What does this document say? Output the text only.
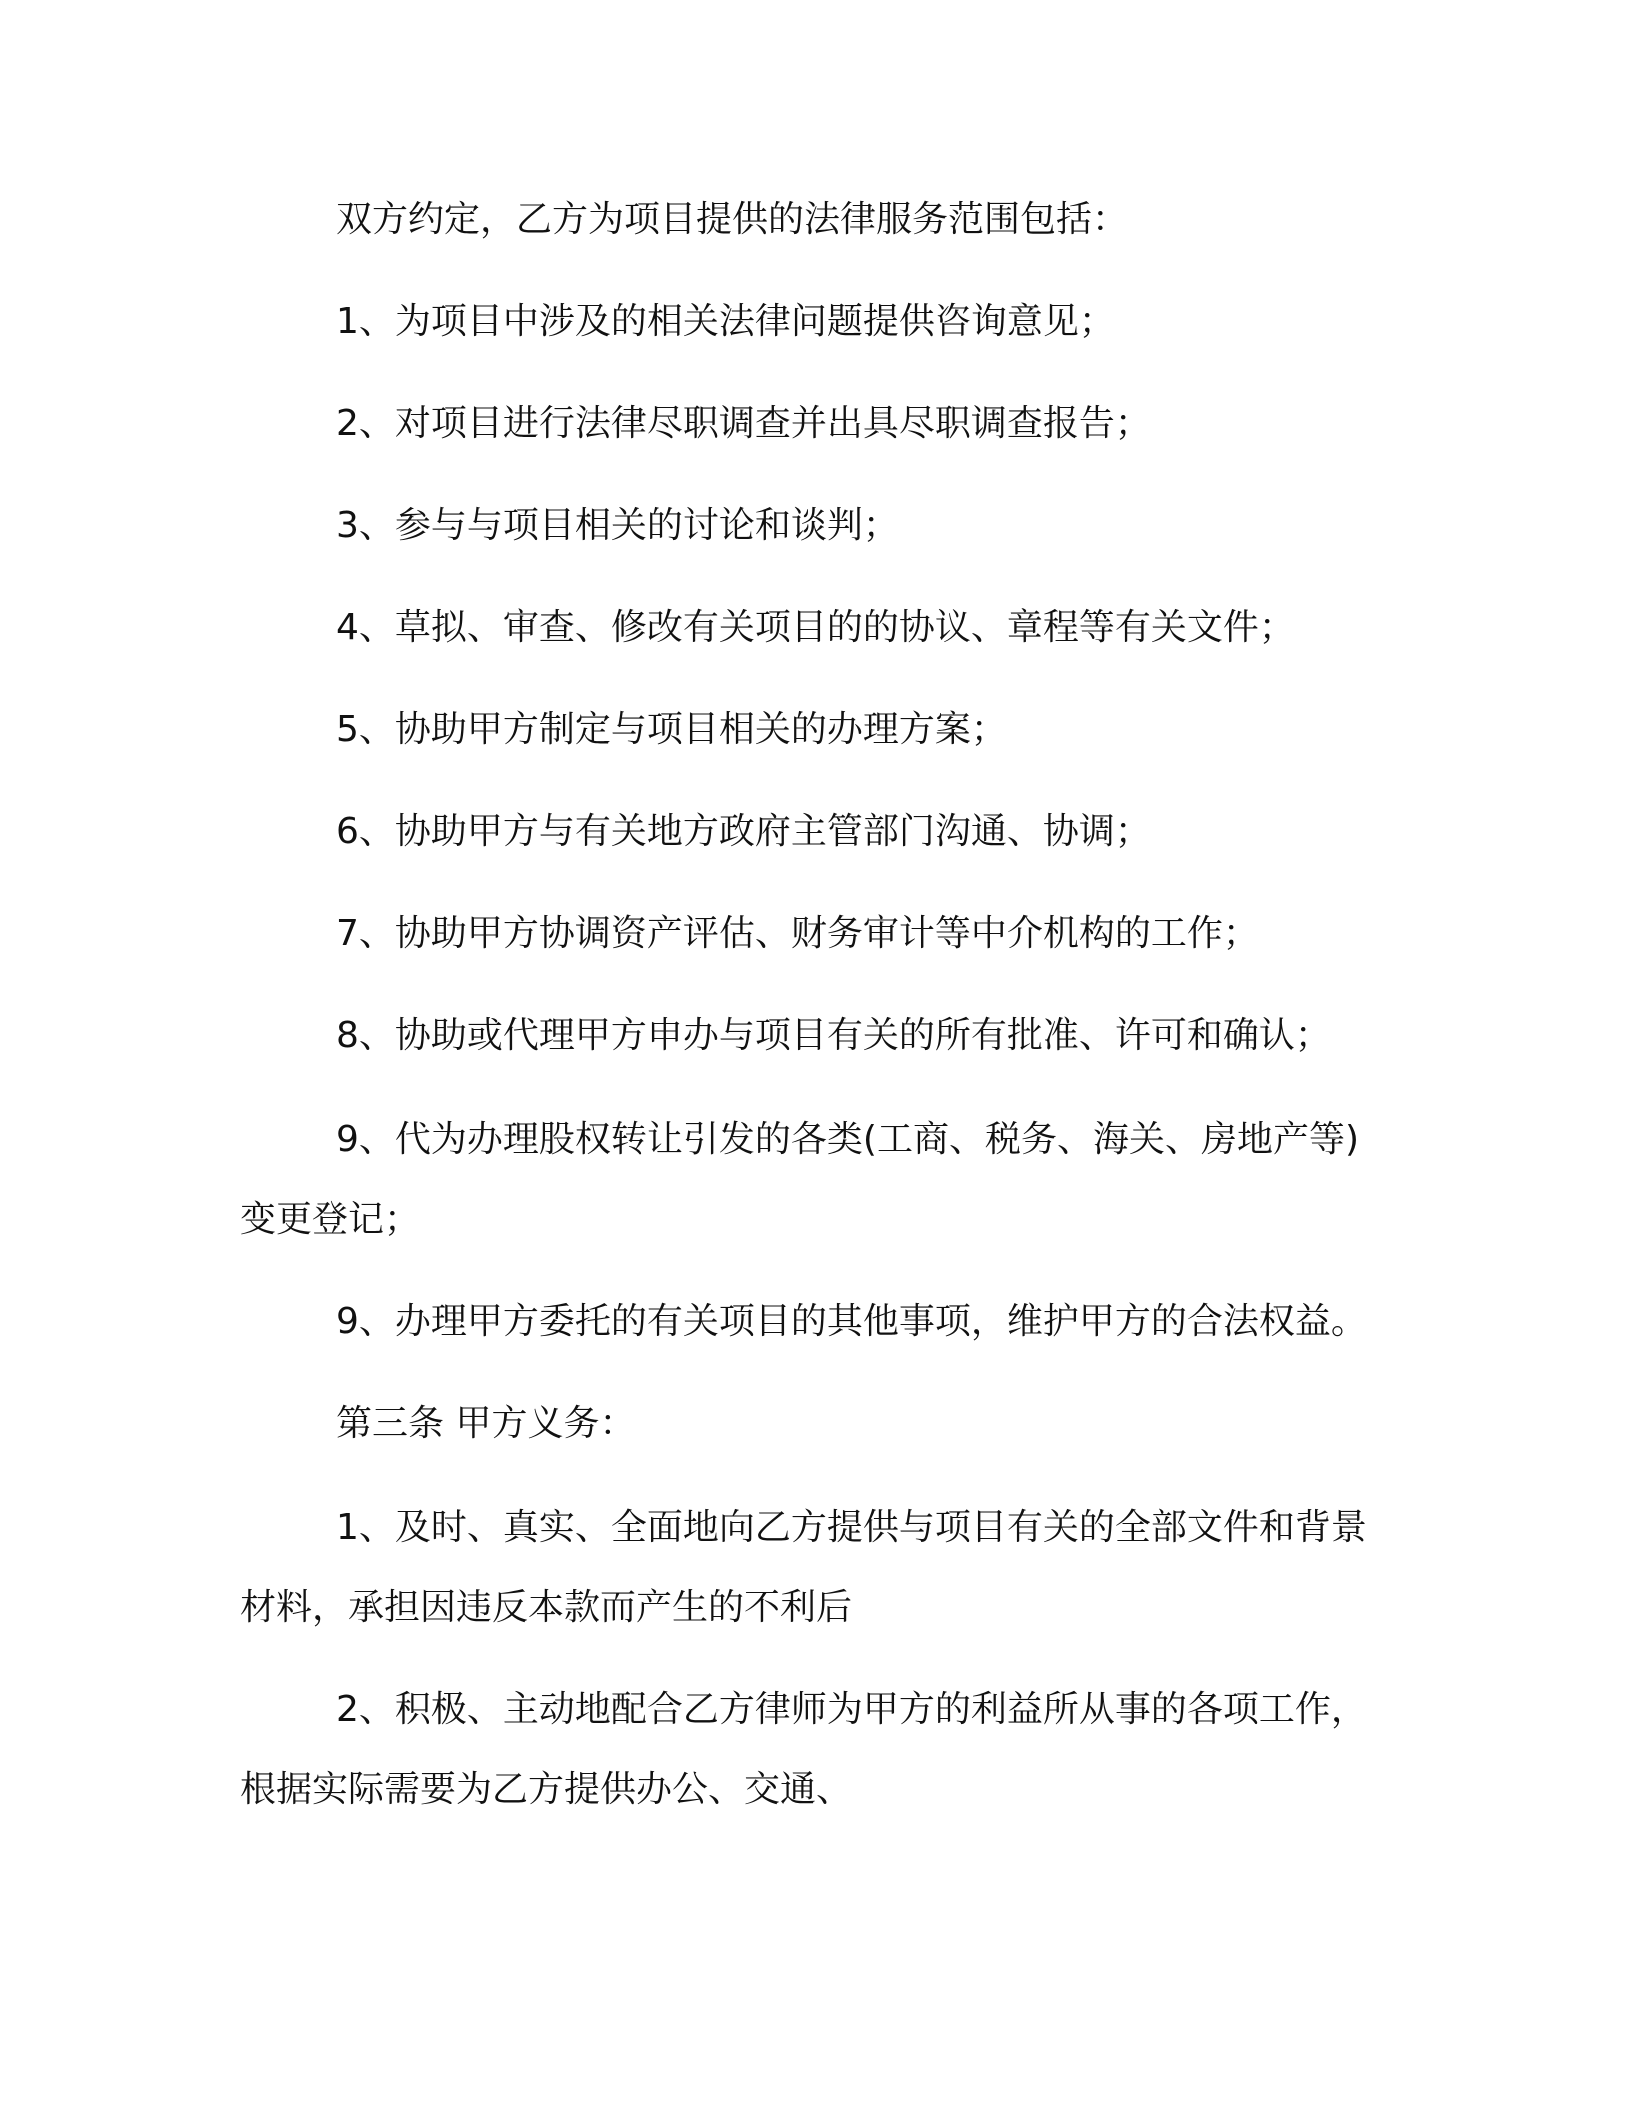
双方约定，乙方为项目提供的法律服务范围包括：

1、为项目中涉及的相关法律问题提供咨询意见；

2、对项目进行法律尽职调查并出具尽职调查报告；

3、参与与项目相关的讨论和谈判；

4、草拟、审查、修改有关项目的的协议、章程等有关文件；

5、协助甲方制定与项目相关的办理方案；

6、协助甲方与有关地方政府主管部门沟通、协调；

7、协助甲方协调资产评估、财务审计等中介机构的工作；

8、协助或代理甲方申办与项目有关的所有批准、许可和确认；

9、代为办理股权转让引发的各类(工商、税务、海关、房地产等)变更登记；

9、办理甲方委托的有关项目的其他事项，维护甲方的合法权益。

第三条 甲方义务：

1、及时、真实、全面地向乙方提供与项目有关的全部文件和背景材料，承担因违反本款而产生的不利后

2、积极、主动地配合乙方律师为甲方的利益所从事的各项工作，根据实际需要为乙方提供办公、交通、
